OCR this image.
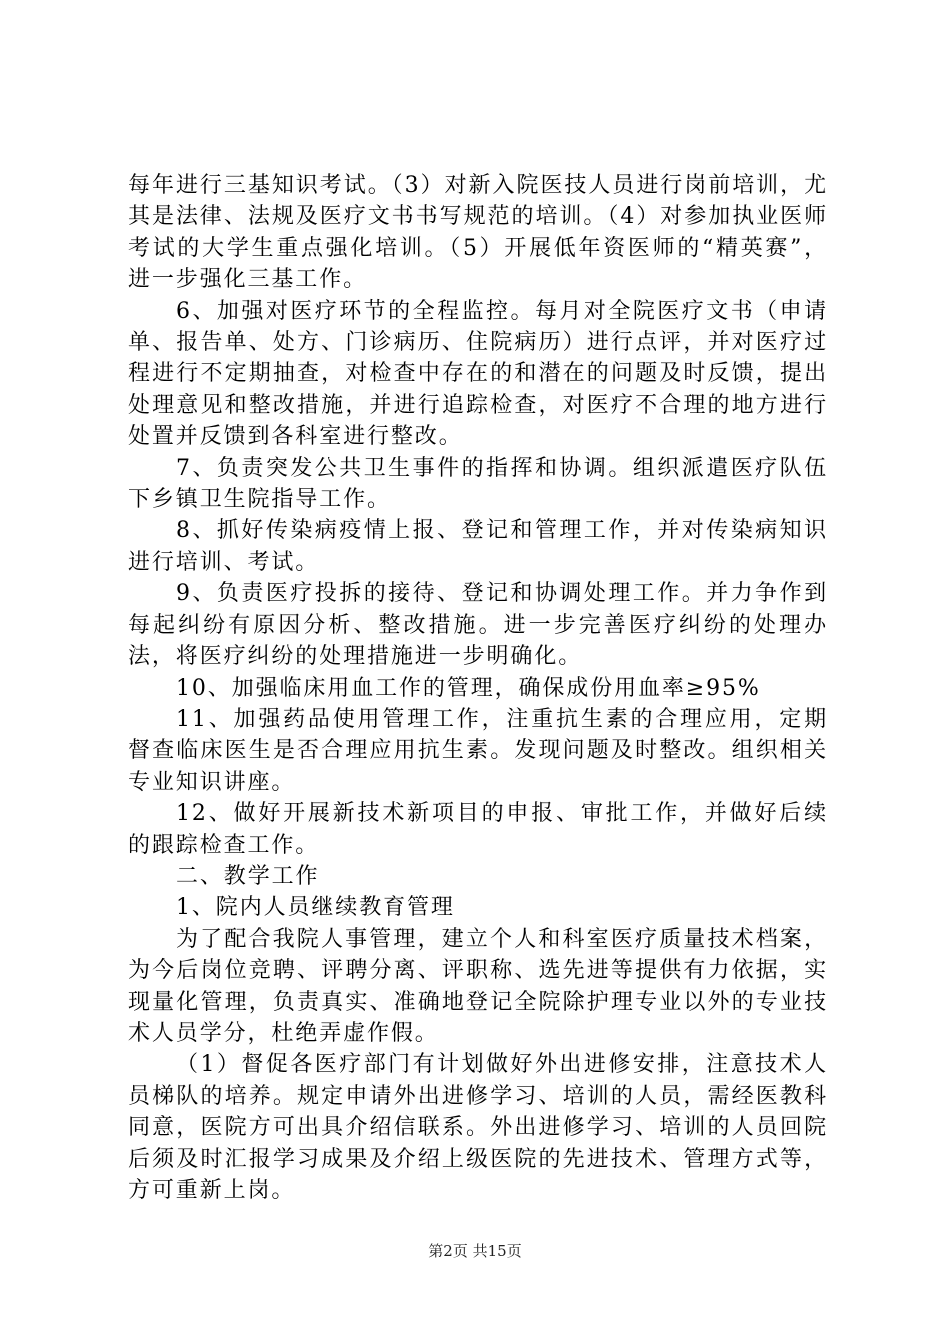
每年进行三基知识考试。（3）对新入院医技人员进行岗前培训，尤其是法律、法规及医疗文书书写规范的培训。（4）对参加执业医师考试的大学生重点强化培训。（5）开展低年资医师的“精英赛”，进一步强化三基工作。

6、加强对医疗环节的全程监控。每月对全院医疗文书（申请单、报告单、处方、门诊病历、住院病历）进行点评，并对医疗过程进行不定期抽查，对检查中存在的和潜在的问题及时反馈，提出处理意见和整改措施，并进行追踪检查，对医疗不合理的地方进行处置并反馈到各科室进行整改。

7、负责突发公共卫生事件的指挥和协调。组织派遣医疗队伍下乡镇卫生院指导工作。

8、抓好传染病疫情上报、登记和管理工作，并对传染病知识进行培训、考试。

9、负责医疗投拆的接待、登记和协调处理工作。并力争作到每起纠纷有原因分析、整改措施。进一步完善医疗纠纷的处理办法，将医疗纠纷的处理措施进一步明确化。

10、加强临床用血工作的管理，确保成份用血率≥95%

11、加强药品使用管理工作，注重抗生素的合理应用，定期督查临床医生是否合理应用抗生素。发现问题及时整改。组织相关专业知识讲座。

12、做好开展新技术新项目的申报、审批工作，并做好后续的跟踪检查工作。

二、教学工作

1、院内人员继续教育管理

为了配合我院人事管理，建立个人和科室医疗质量技术档案，为今后岗位竞聘、评聘分离、评职称、选先进等提供有力依据，实现量化管理，负责真实、准确地登记全院除护理专业以外的专业技术人员学分，杜绝弄虚作假。

（1）督促各医疗部门有计划做好外出进修安排，注意技术人员梯队的培养。规定申请外出进修学习、培训的人员，需经医教科同意，医院方可出具介绍信联系。外出进修学习、培训的人员回院后须及时汇报学习成果及介绍上级医院的先进技术、管理方式等，方可重新上岗。

第2页 共15页
